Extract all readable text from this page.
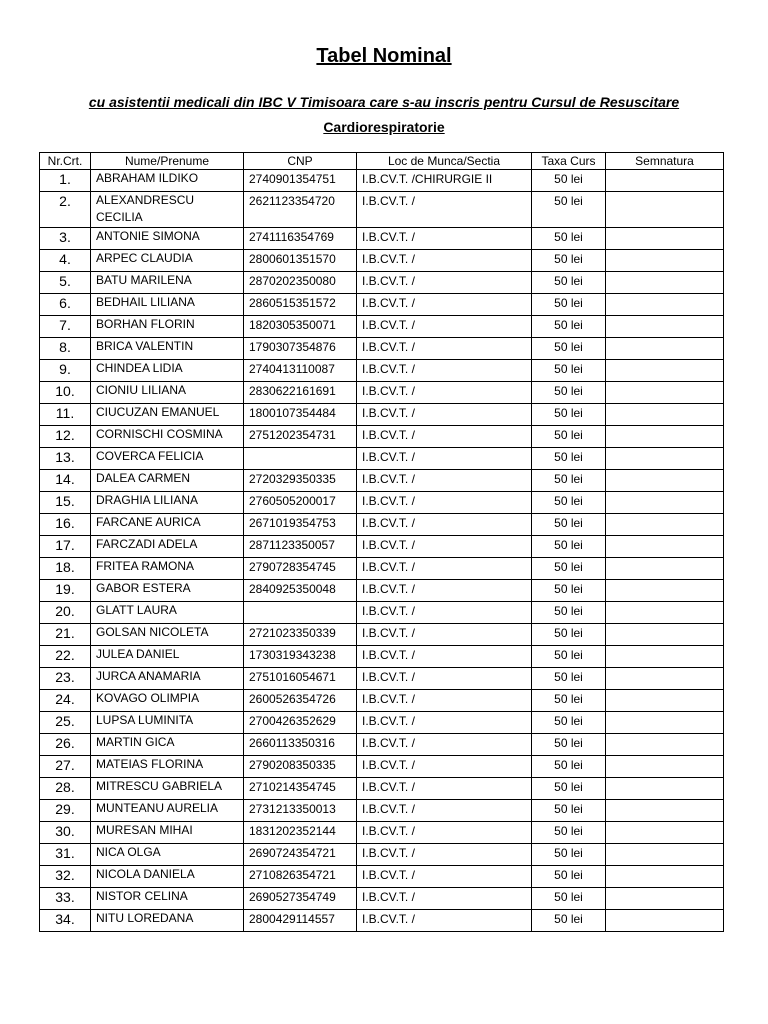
Tabel Nominal
cu asistentii medicali din IBC V Timisoara care s-au inscris pentru Cursul de Resuscitare
Cardiorespiratorie
Nr.Crt.	Nume/Prenume	CNP	Loc de Munca/Sectia	Taxa Curs	Semnatura
1.	ABRAHAM ILDIKO	2740901354751	I.B.CV.T. /CHIRURGIE II	50 lei	
2.	ALEXANDRESCU CECILIA	2621123354720	I.B.CV.T. /	50 lei	
3.	ANTONIE SIMONA	2741116354769	I.B.CV.T. /	50 lei	
4.	ARPEC CLAUDIA	2800601351570	I.B.CV.T. /	50 lei	
5.	BATU MARILENA	2870202350080	I.B.CV.T. /	50 lei	
6.	BEDHAIL LILIANA	2860515351572	I.B.CV.T. /	50 lei	
7.	BORHAN FLORIN	1820305350071	I.B.CV.T. /	50 lei	
8.	BRICA VALENTIN	1790307354876	I.B.CV.T. /	50 lei	
9.	CHINDEA LIDIA	2740413110087	I.B.CV.T. /	50 lei	
10.	CIONIU LILIANA	2830622161691	I.B.CV.T. /	50 lei	
11.	CIUCUZAN EMANUEL	1800107354484	I.B.CV.T. /	50 lei	
12.	CORNISCHI COSMINA	2751202354731	I.B.CV.T. /	50 lei	
13.	COVERCA FELICIA		I.B.CV.T. /	50 lei	
14.	DALEA CARMEN	2720329350335	I.B.CV.T. /	50 lei	
15.	DRAGHIA LILIANA	2760505200017	I.B.CV.T. /	50 lei	
16.	FARCANE AURICA	2671019354753	I.B.CV.T. /	50 lei	
17.	FARCZADI ADELA	2871123350057	I.B.CV.T. /	50 lei	
18.	FRITEA RAMONA	2790728354745	I.B.CV.T. /	50 lei	
19.	GABOR ESTERA	2840925350048	I.B.CV.T. /	50 lei	
20.	GLATT LAURA		I.B.CV.T. /	50 lei	
21.	GOLSAN NICOLETA	2721023350339	I.B.CV.T. /	50 lei	
22.	JULEA DANIEL	1730319343238	I.B.CV.T. /	50 lei	
23.	JURCA ANAMARIA	2751016054671	I.B.CV.T. /	50 lei	
24.	KOVAGO OLIMPIA	2600526354726	I.B.CV.T. /	50 lei	
25.	LUPSA LUMINITA	2700426352629	I.B.CV.T. /	50 lei	
26.	MARTIN GICA	2660113350316	I.B.CV.T. /	50 lei	
27.	MATEIAS FLORINA	2790208350335	I.B.CV.T. /	50 lei	
28.	MITRESCU GABRIELA	2710214354745	I.B.CV.T. /	50 lei	
29.	MUNTEANU AURELIA	2731213350013	I.B.CV.T. /	50 lei	
30.	MURESAN MIHAI	1831202352144	I.B.CV.T. /	50 lei	
31.	NICA OLGA	2690724354721	I.B.CV.T. /	50 lei	
32.	NICOLA DANIELA	2710826354721	I.B.CV.T. /	50 lei	
33.	NISTOR CELINA	2690527354749	I.B.CV.T. /	50 lei	
34.	NITU LOREDANA	2800429114557	I.B.CV.T. /	50 lei	
